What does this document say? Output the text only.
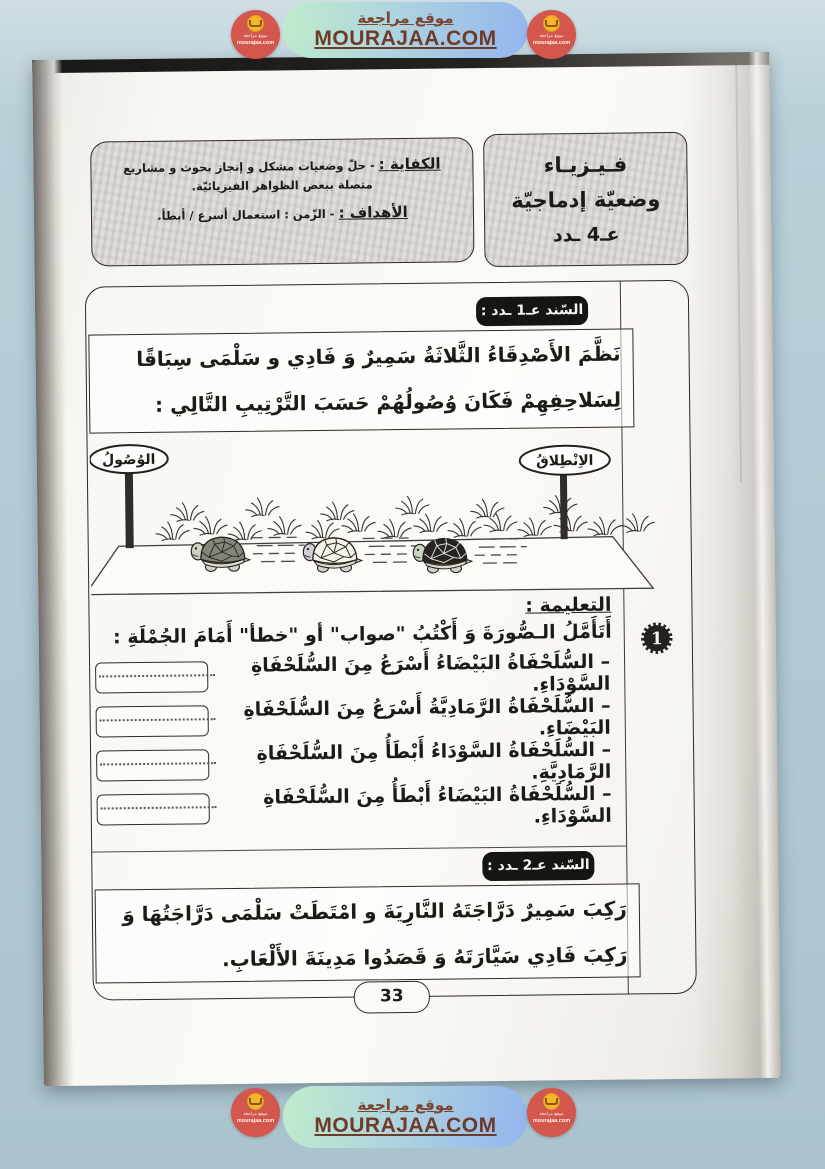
موقع مراجعة
MOURAJAA.COM
موقع مراجعة
mourajaa.com
موقع مراجعة
mourajaa.com

الكفاية : - حلّ وضعيات مشكل و إنجاز بحوث و مشاريع متصلة ببعض الظواهر الفيزيائيّة.

الأهداف : - الزّمن : استعمال أسرع / أبطأ.

فـيـزيـاء
وضعيّة إدماجيّة
عـ4 ـدد
السّند عـ1 ـدد :
نَظَّمَ الأَصْدِقَاءُ الثَّلاثَةُ سَمِيرٌ وَ فَادِي و سَلْمَى سِبَاقًا لِسَلاحِفِهِمْ فَكَانَ وُصُولُهُمْ حَسَبَ التَّرْتِيبِ التَّالِي :
الوُصُولُ	الاِنْطِلاقُ
التعليمة :
أَتَأَمَّلُ الـصُّورَةَ وَ أَكْتُبُ "صواب" أو "خطأ" أَمَامَ الجُمْلَةِ :
– السُّلَحْفَاةُ البَيْضَاءُ أَسْرَعُ مِنَ السُّلَحْفَاةِ السَّوْدَاءِ.
– السُّلَحْفَاةُ الرَّمَادِيَّةُ أَسْرَعُ مِنَ السُّلَحْفَاةِ البَيْضَاءِ.
– السُّلَحْفَاةُ السَّوْدَاءُ أَبْطَأُ مِنَ السُّلَحْفَاةِ الرَّمَادِيَّةِ.
– السُّلَحْفَاةُ البَيْضَاءُ أَبْطَأُ مِنَ السُّلَحْفَاةِ السَّوْدَاءِ.
1
السّند عـ2 ـدد :
رَكِبَ سَمِيرٌ دَرَّاجَتَهُ النَّارِيَةَ و امْتَطَتْ سَلْمَى دَرَّاجَتُهَا وَ رَكِبَ فَادِي سَيَّارَتَهُ وَ قَصَدُوا مَدِينَةَ الأَلْعَابِ.
33
موقع مراجعة
MOURAJAA.COM
موقع مراجعة
mourajaa.com
موقع مراجعة
mourajaa.com
